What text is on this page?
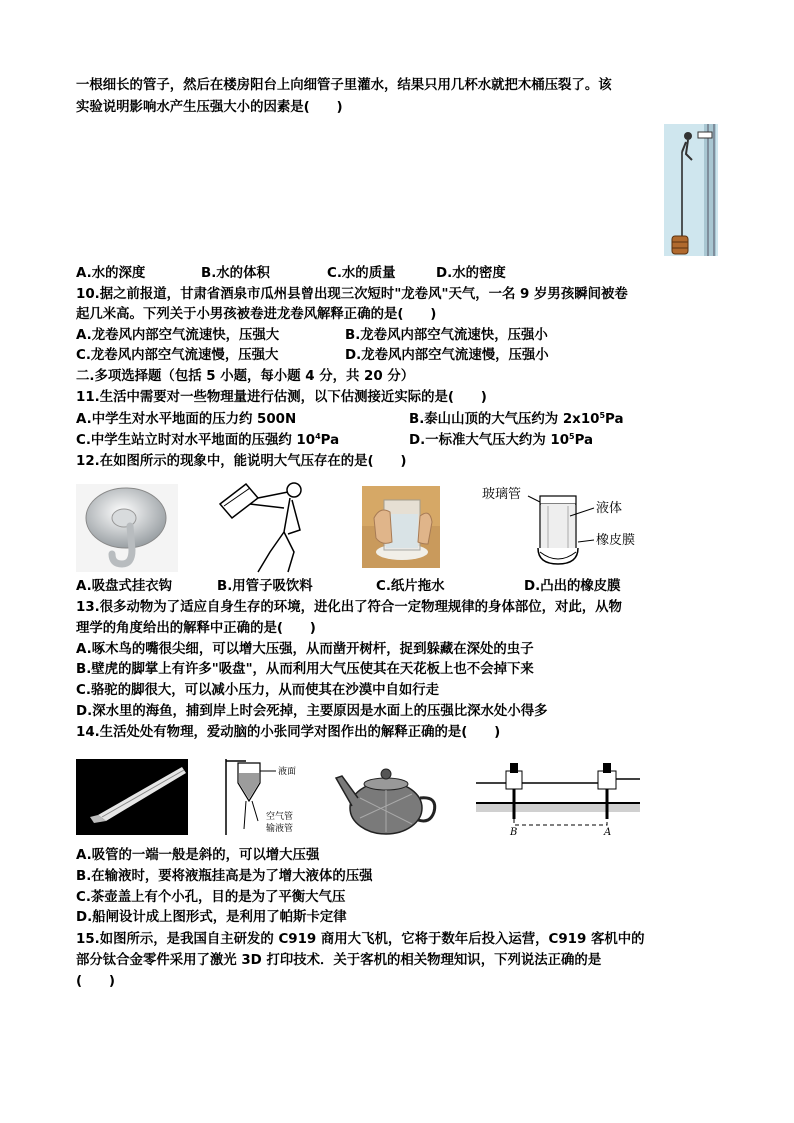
一根细长的管子，然后在楼房阳台上向细管子里灌水，结果只用几杯水就把木桶压裂了。该
实验说明影响水产生压强大小的因素是(　　)
A.水的深度	B.水的体积	C.水的质量	D.水的密度
10.据之前报道，甘肃省酒泉市瓜州县曾出现三次短时"龙卷风"天气，一名 9 岁男孩瞬间被卷
起几米高。下列关于小男孩被卷进龙卷风解释正确的是(　　)
A.龙卷风内部空气流速快，压强大	B.龙卷风内部空气流速快，压强小
C.龙卷风内部空气流速慢，压强大	D.龙卷风内部空气流速慢，压强小
二.多项选择题（包括 5 小题，每小题 4 分，共 20 分）
11.生活中需要对一些物理量进行估测，以下估测接近实际的是(　　)
A.中学生对水平地面的压力约 500N	B.泰山山顶的大气压约为 $2x10^5Pa$
C.中学生站立时对水平地面的压强约 $10^4Pa$	D.一标准大气压大约为 $10^5Pa$
12.在如图所示的现象中，能说明大气压存在的是(　　)
玻璃管
液体
橡皮膜
A.吸盘式挂衣钩	B.用管子吸饮料	C.纸片拖水	D.凸出的橡皮膜
13.很多动物为了适应自身生存的环境，进化出了符合一定物理规律的身体部位，对此，从物
理学的角度给出的解释中正确的是(　　)
A.啄木鸟的嘴很尖细，可以增大压强，从而凿开树杆，捉到躲藏在深处的虫子
B.壁虎的脚掌上有许多"吸盘"，从而利用大气压使其在天花板上也不会掉下来
C.骆驼的脚很大，可以减小压力，从而使其在沙漠中自如行走
D.深水里的海鱼，捕到岸上时会死掉，主要原因是水面上的压强比深水处小得多
14.生活处处有物理，爱动脑的小张同学对图作出的解释正确的是(　　)
液面
空气管
输液管	B	A
A.吸管的一端一般是斜的，可以增大压强
B.在输液时，要将液瓶挂高是为了增大液体的压强
C.茶壶盖上有个小孔，目的是为了平衡大气压
D.船闸设计成上图形式，是利用了帕斯卡定律
15.如图所示，是我国自主研发的 C919 商用大飞机，它将于数年后投入运营，C919 客机中的
部分钛合金零件采用了激光 3D 打印技术．关于客机的相关物理知识，下列说法正确的是
(　　)
